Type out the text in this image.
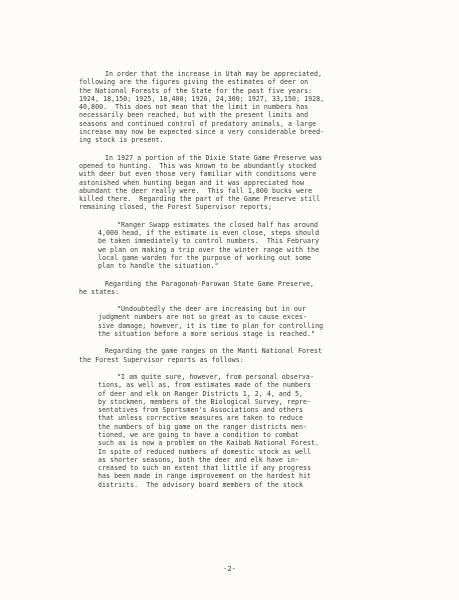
In order that the increase in Utah may be appreciated,
following are the figures giving the estimates of deer on
the National Forests of the State for the past five years:
1924, 18,150; 1925, 18,400; 1926, 24,300; 1927, 33,150; 1928,
40,800.  This does not mean that the limit in numbers has
necessarily been reached, but with the present limits and
seasons and continued control of predatory animals, a large
increase may now be expected since a very considerable breed-
ing stock is present.
In 1927 a portion of the Dixie State Game Preserve was
opened to hunting.  This was known to be abundantly stocked
with deer but even those very familiar with conditions were
astonished when hunting began and it was appreciated how
abundant the deer really were.  This fall 1,800 bucks were
killed there.  Regarding the part of the Game Preserve still
remaining closed, the Forest Supervisor reports;
"Ranger Swapp estimates the closed half has around
4,000 head, if the estimate is even close, steps should
be taken immediately to control numbers.  This February
we plan on making a trip over the winter range with the
local game warden for the purpose of working out some
plan to handle the situation."
Regarding the Paragonah-Parowan State Game Preserve,
he states:
"Undoubtedly the deer are increasing but in our
judgment numbers are not so great as to cause exces-
sive damage; however, it is time to plan for controlling
the situation before a more serious stage is reached."
Regarding the game ranges on the Manti National Forest
the Forest Supervisor reports as follows:
"I am quite sure, however, from personal observa-
tions, as well as, from estimates made of the numbers
of deer and elk on Ranger Districts 1, 2, 4, and 5,
by stockmen, members of the Biological Survey, repre-
sentatives from Sportsmen's Associations and others
that unless corrective measures are taken to reduce
the numbers of big game on the ranger districts men-
tioned, we are going to have a condition to combat
such as is now a problem on the Kaibab National Forest.
In spite of reduced numbers of domestic stock as well
as shorter seasons, both the deer and elk have in-
creased to such an extent that little if any progress
has been made in range improvement on the hardest hit
districts.  The advisory board members of the stock
-2-
